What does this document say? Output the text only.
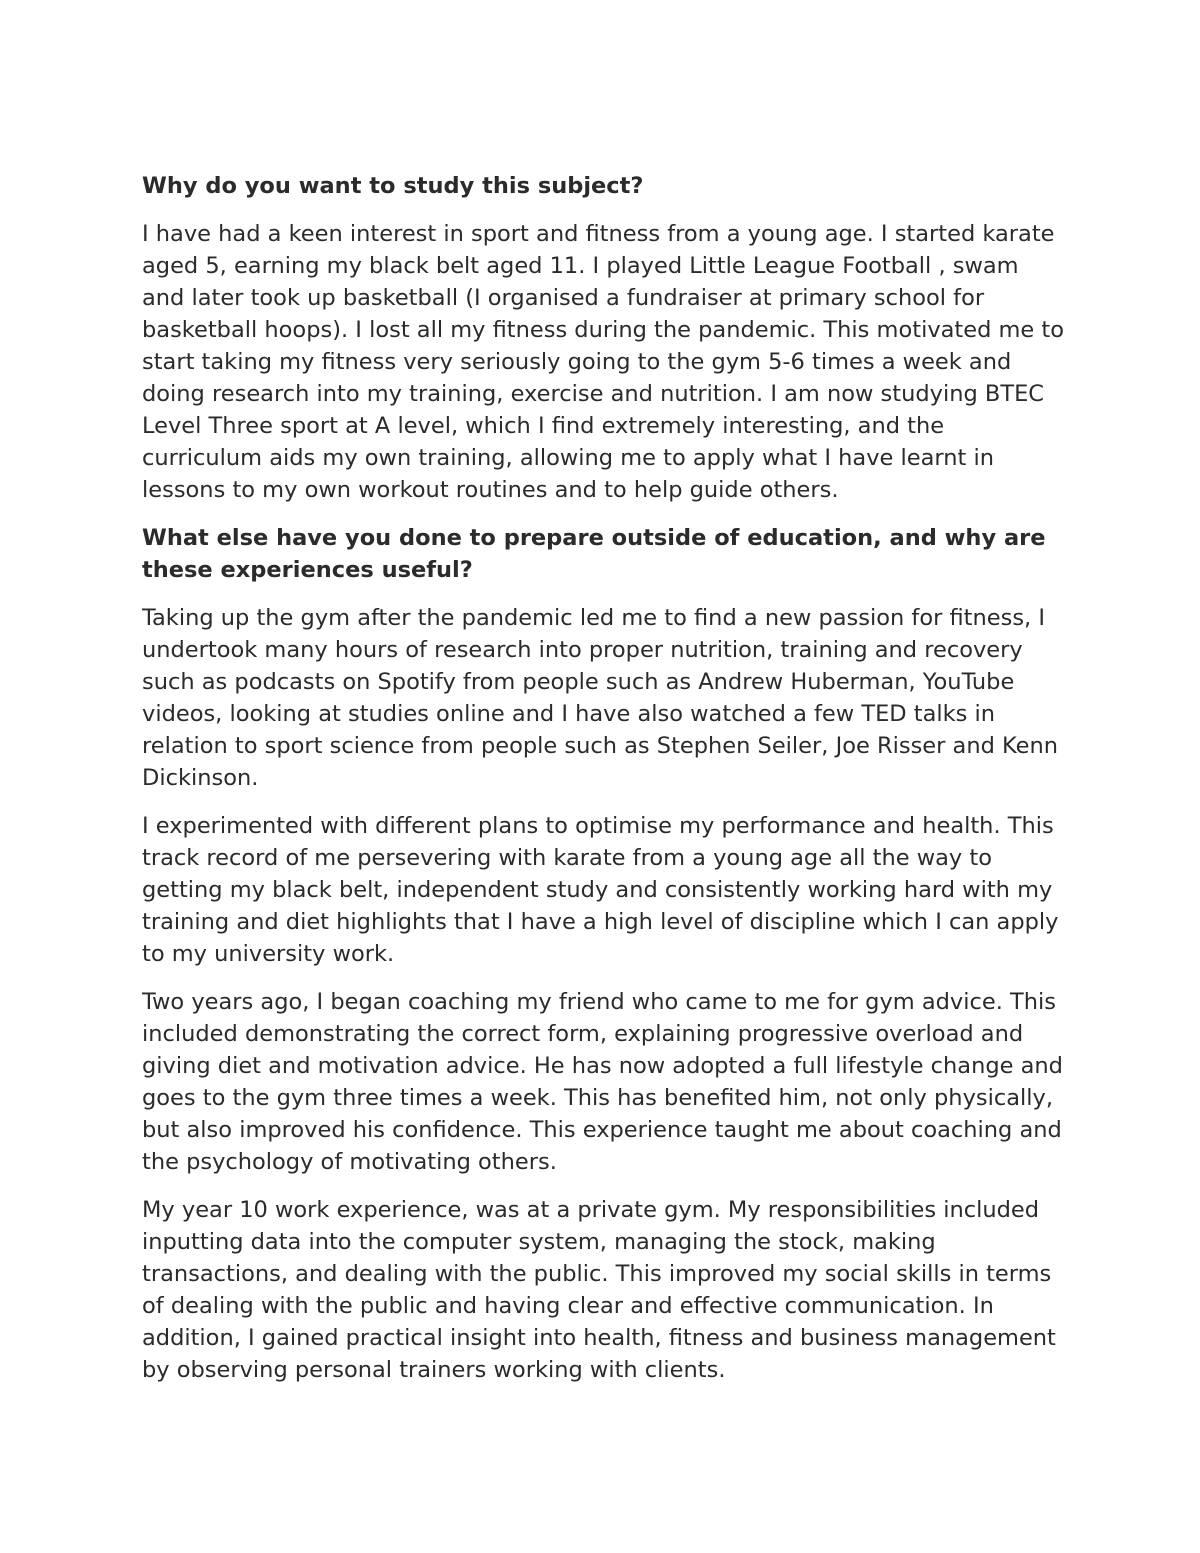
Why do you want to study this subject?

I have had a keen interest in sport and fitness from a young age. I started karate aged 5, earning my black belt aged 11. I played Little League Football , swam and later took up basketball (I organised a fundraiser at primary school for basketball hoops). I lost all my fitness during the pandemic. This motivated me to start taking my fitness very seriously going to the gym 5-6 times a week and doing research into my training, exercise and nutrition. I am now studying BTEC Level Three sport at A level, which I find extremely interesting, and the curriculum aids my own training, allowing me to apply what I have learnt in lessons to my own workout routines and to help guide others.

What else have you done to prepare outside of education, and why are these experiences useful?

Taking up the gym after the pandemic led me to find a new passion for fitness, I undertook many hours of research into proper nutrition, training and recovery such as podcasts on Spotify from people such as Andrew Huberman, YouTube videos, looking at studies online and I have also watched a few TED talks in relation to sport science from people such as Stephen Seiler, Joe Risser and Kenn Dickinson.

I experimented with different plans to optimise my performance and health. This track record of me persevering with karate from a young age all the way to getting my black belt, independent study and consistently working hard with my training and diet highlights that I have a high level of discipline which I can apply to my university work.

Two years ago, I began coaching my friend who came to me for gym advice. This included demonstrating the correct form, explaining progressive overload and giving diet and motivation advice. He has now adopted a full lifestyle change and goes to the gym three times a week. This has benefited him, not only physically, but also improved his confidence. This experience taught me about coaching and the psychology of motivating others.

My year 10 work experience, was at a private gym. My responsibilities included inputting data into the computer system, managing the stock, making transactions, and dealing with the public. This improved my social skills in terms of dealing with the public and having clear and effective communication. In addition, I gained practical insight into health, fitness and business management by observing personal trainers working with clients.
